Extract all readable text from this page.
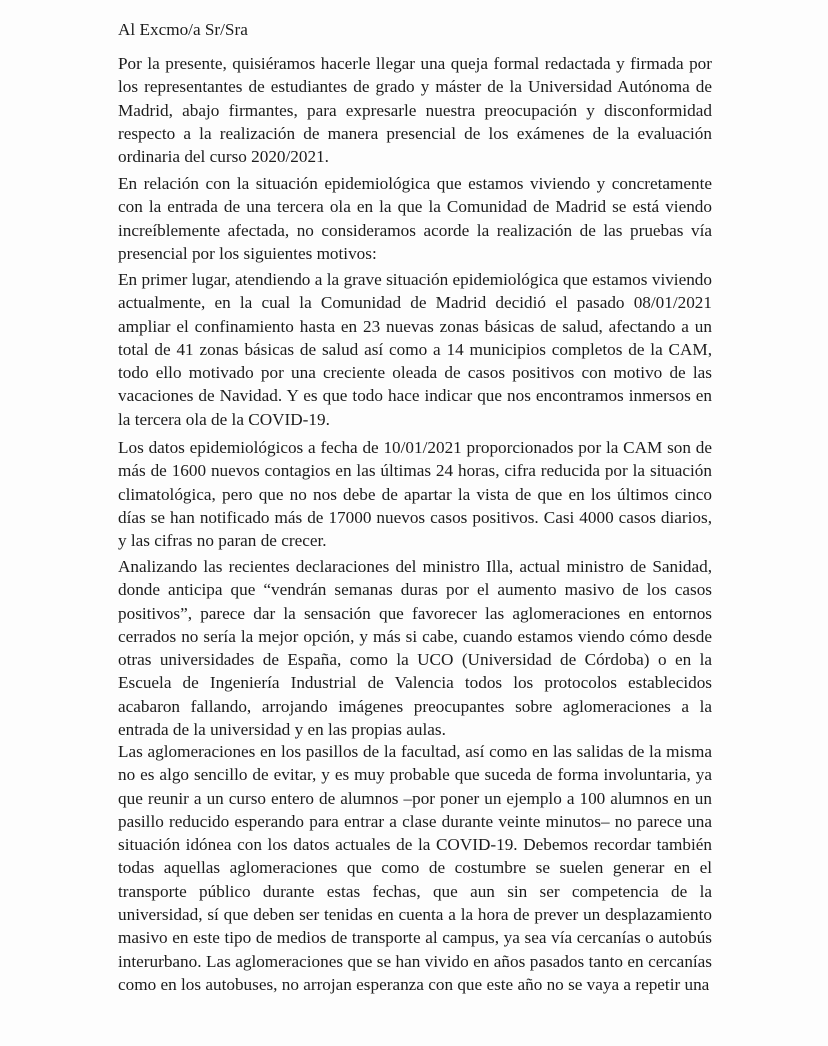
Al Excmo/a Sr/Sra

Por la presente, quisiéramos hacerle llegar una queja formal redactada y firmada por los representantes de estudiantes de grado y máster de la Universidad Autónoma de Madrid, abajo firmantes, para expresarle nuestra preocupación y disconformidad respecto a la realización de manera presencial de los exámenes de la evaluación ordinaria del curso 2020/2021.

En relación con la situación epidemiológica que estamos viviendo y concretamente con la entrada de una tercera ola en la que la Comunidad de Madrid se está viendo increíblemente afectada, no consideramos acorde la realización de las pruebas vía presencial por los siguientes motivos:

En primer lugar, atendiendo a la grave situación epidemiológica que estamos viviendo actualmente, en la cual la Comunidad de Madrid decidió el pasado 08/01/2021 ampliar el confinamiento hasta en 23 nuevas zonas básicas de salud, afectando a un total de 41 zonas básicas de salud así como a 14 municipios completos de la CAM, todo ello motivado por una creciente oleada de casos positivos con motivo de las vacaciones de Navidad. Y es que todo hace indicar que nos encontramos inmersos en la tercera ola de la COVID-19.

Los datos epidemiológicos a fecha de 10/01/2021 proporcionados por la CAM son de más de 1600 nuevos contagios en las últimas 24 horas, cifra reducida por la situación climatológica, pero que no nos debe de apartar la vista de que en los últimos cinco días se han notificado más de 17000 nuevos casos positivos. Casi 4000 casos diarios, y las cifras no paran de crecer.

Analizando las recientes declaraciones del ministro Illa, actual ministro de Sanidad, donde anticipa que “vendrán semanas duras por el aumento masivo de los casos positivos”, parece dar la sensación que favorecer las aglomeraciones en entornos cerrados no sería la mejor opción, y más si cabe, cuando estamos viendo cómo desde otras universidades de España, como la UCO (Universidad de Córdoba) o en la Escuela de Ingeniería Industrial de Valencia todos los protocolos establecidos acabaron fallando, arrojando imágenes preocupantes sobre aglomeraciones a la entrada de la universidad y en las propias aulas.

Las aglomeraciones en los pasillos de la facultad, así como en las salidas de la misma no es algo sencillo de evitar, y es muy probable que suceda de forma involuntaria, ya que reunir a un curso entero de alumnos –por poner un ejemplo a 100 alumnos en un pasillo reducido esperando para entrar a clase durante veinte minutos– no parece una situación idónea con los datos actuales de la COVID-19. Debemos recordar también todas aquellas aglomeraciones que como de costumbre se suelen generar en el transporte público durante estas fechas, que aun sin ser competencia de la universidad, sí que deben ser tenidas en cuenta a la hora de prever un desplazamiento masivo en este tipo de medios de transporte al campus, ya sea vía cercanías o autobús interurbano. Las aglomeraciones que se han vivido en años pasados tanto en cercanías como en los autobuses, no arrojan esperanza con que este año no se vaya a repetir una
